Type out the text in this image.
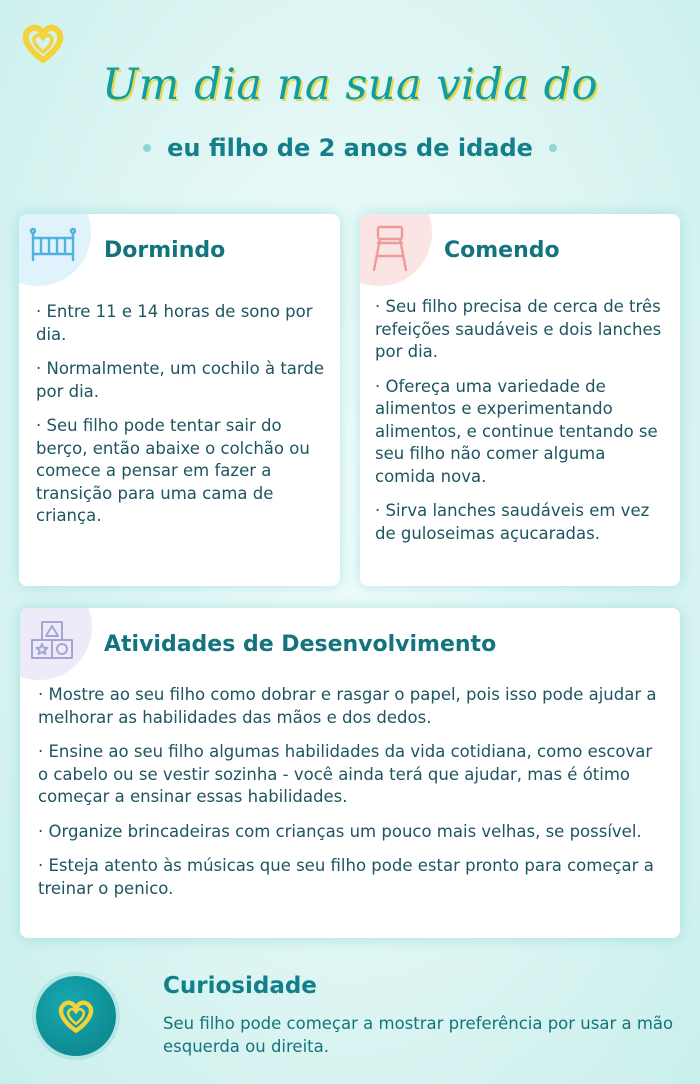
Um dia na sua vida do
eu filho de 2 anos de idade
Dormindo

· Entre 11 e 14 horas de sono por dia.

· Normalmente, um cochilo à tarde por dia.

· Seu filho pode tentar sair do berço, então abaixe o colchão ou comece a pensar em fazer a transição para uma cama de criança.

Comendo

· Seu filho precisa de cerca de três refeições saudáveis e dois lanches por dia.

· Ofereça uma variedade de alimentos e experimentando alimentos, e continue tentando se seu filho não comer alguma comida nova.

· Sirva lanches saudáveis em vez de guloseimas açucaradas.

Atividades de Desenvolvimento

· Mostre ao seu filho como dobrar e rasgar o papel, pois isso pode ajudar a melhorar as habilidades das mãos e dos dedos.

· Ensine ao seu filho algumas habilidades da vida cotidiana, como escovar o cabelo ou se vestir sozinha - você ainda terá que ajudar, mas é ótimo começar a ensinar essas habilidades.

· Organize brincadeiras com crianças um pouco mais velhas, se possível.

· Esteja atento às músicas que seu filho pode estar pronto para começar a treinar o penico.

Curiosidade
Seu filho pode começar a mostrar preferência por usar a mão esquerda ou direita.
